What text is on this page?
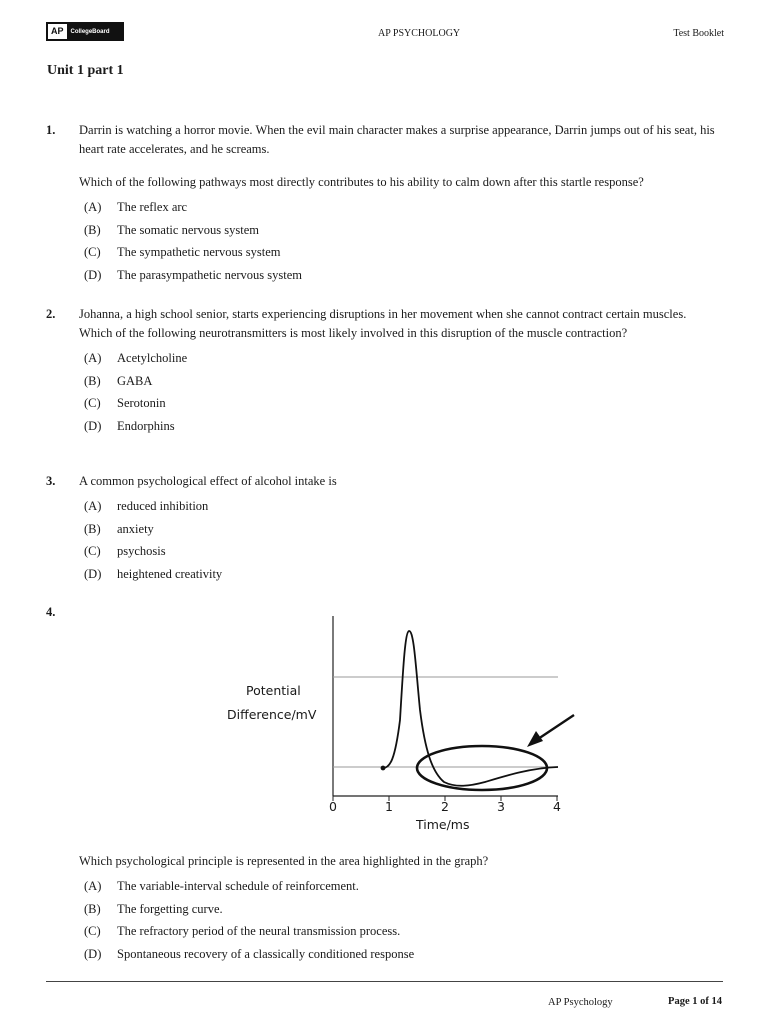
AP	CollegeBoard	AP PSYCHOLOGY	Test Booklet
Unit 1 part 1
1. Darrin is watching a horror movie. When the evil main character makes a surprise appearance, Darrin jumps out of his seat, his heart rate accelerates, and he screams.
Which of the following pathways most directly contributes to his ability to calm down after this startle response?
(A)	The reflex arc
(B)	The somatic nervous system
(C)	The sympathetic nervous system
(D)	The parasympathetic nervous system
2. Johanna, a high school senior, starts experiencing disruptions in her movement when she cannot contract certain muscles. Which of the following neurotransmitters is most likely involved in this disruption of the muscle contraction?
(A)	Acetylcholine
(B)	GABA
(C)	Serotonin
(D)	Endorphins
3. A common psychological effect of alcohol intake is
(A)	reduced inhibition
(B)	anxiety
(C)	psychosis
(D)	heightened creativity
4.
Potential
Difference/mV
0	1	2	3	4
Time/ms
Which psychological principle is represented in the area highlighted in the graph?
(A)	The variable-interval schedule of reinforcement.
(B)	The forgetting curve.
(C)	The refractory period of the neural transmission process.
(D)	Spontaneous recovery of a classically conditioned response
AP Psychology	Page 1 of 14
